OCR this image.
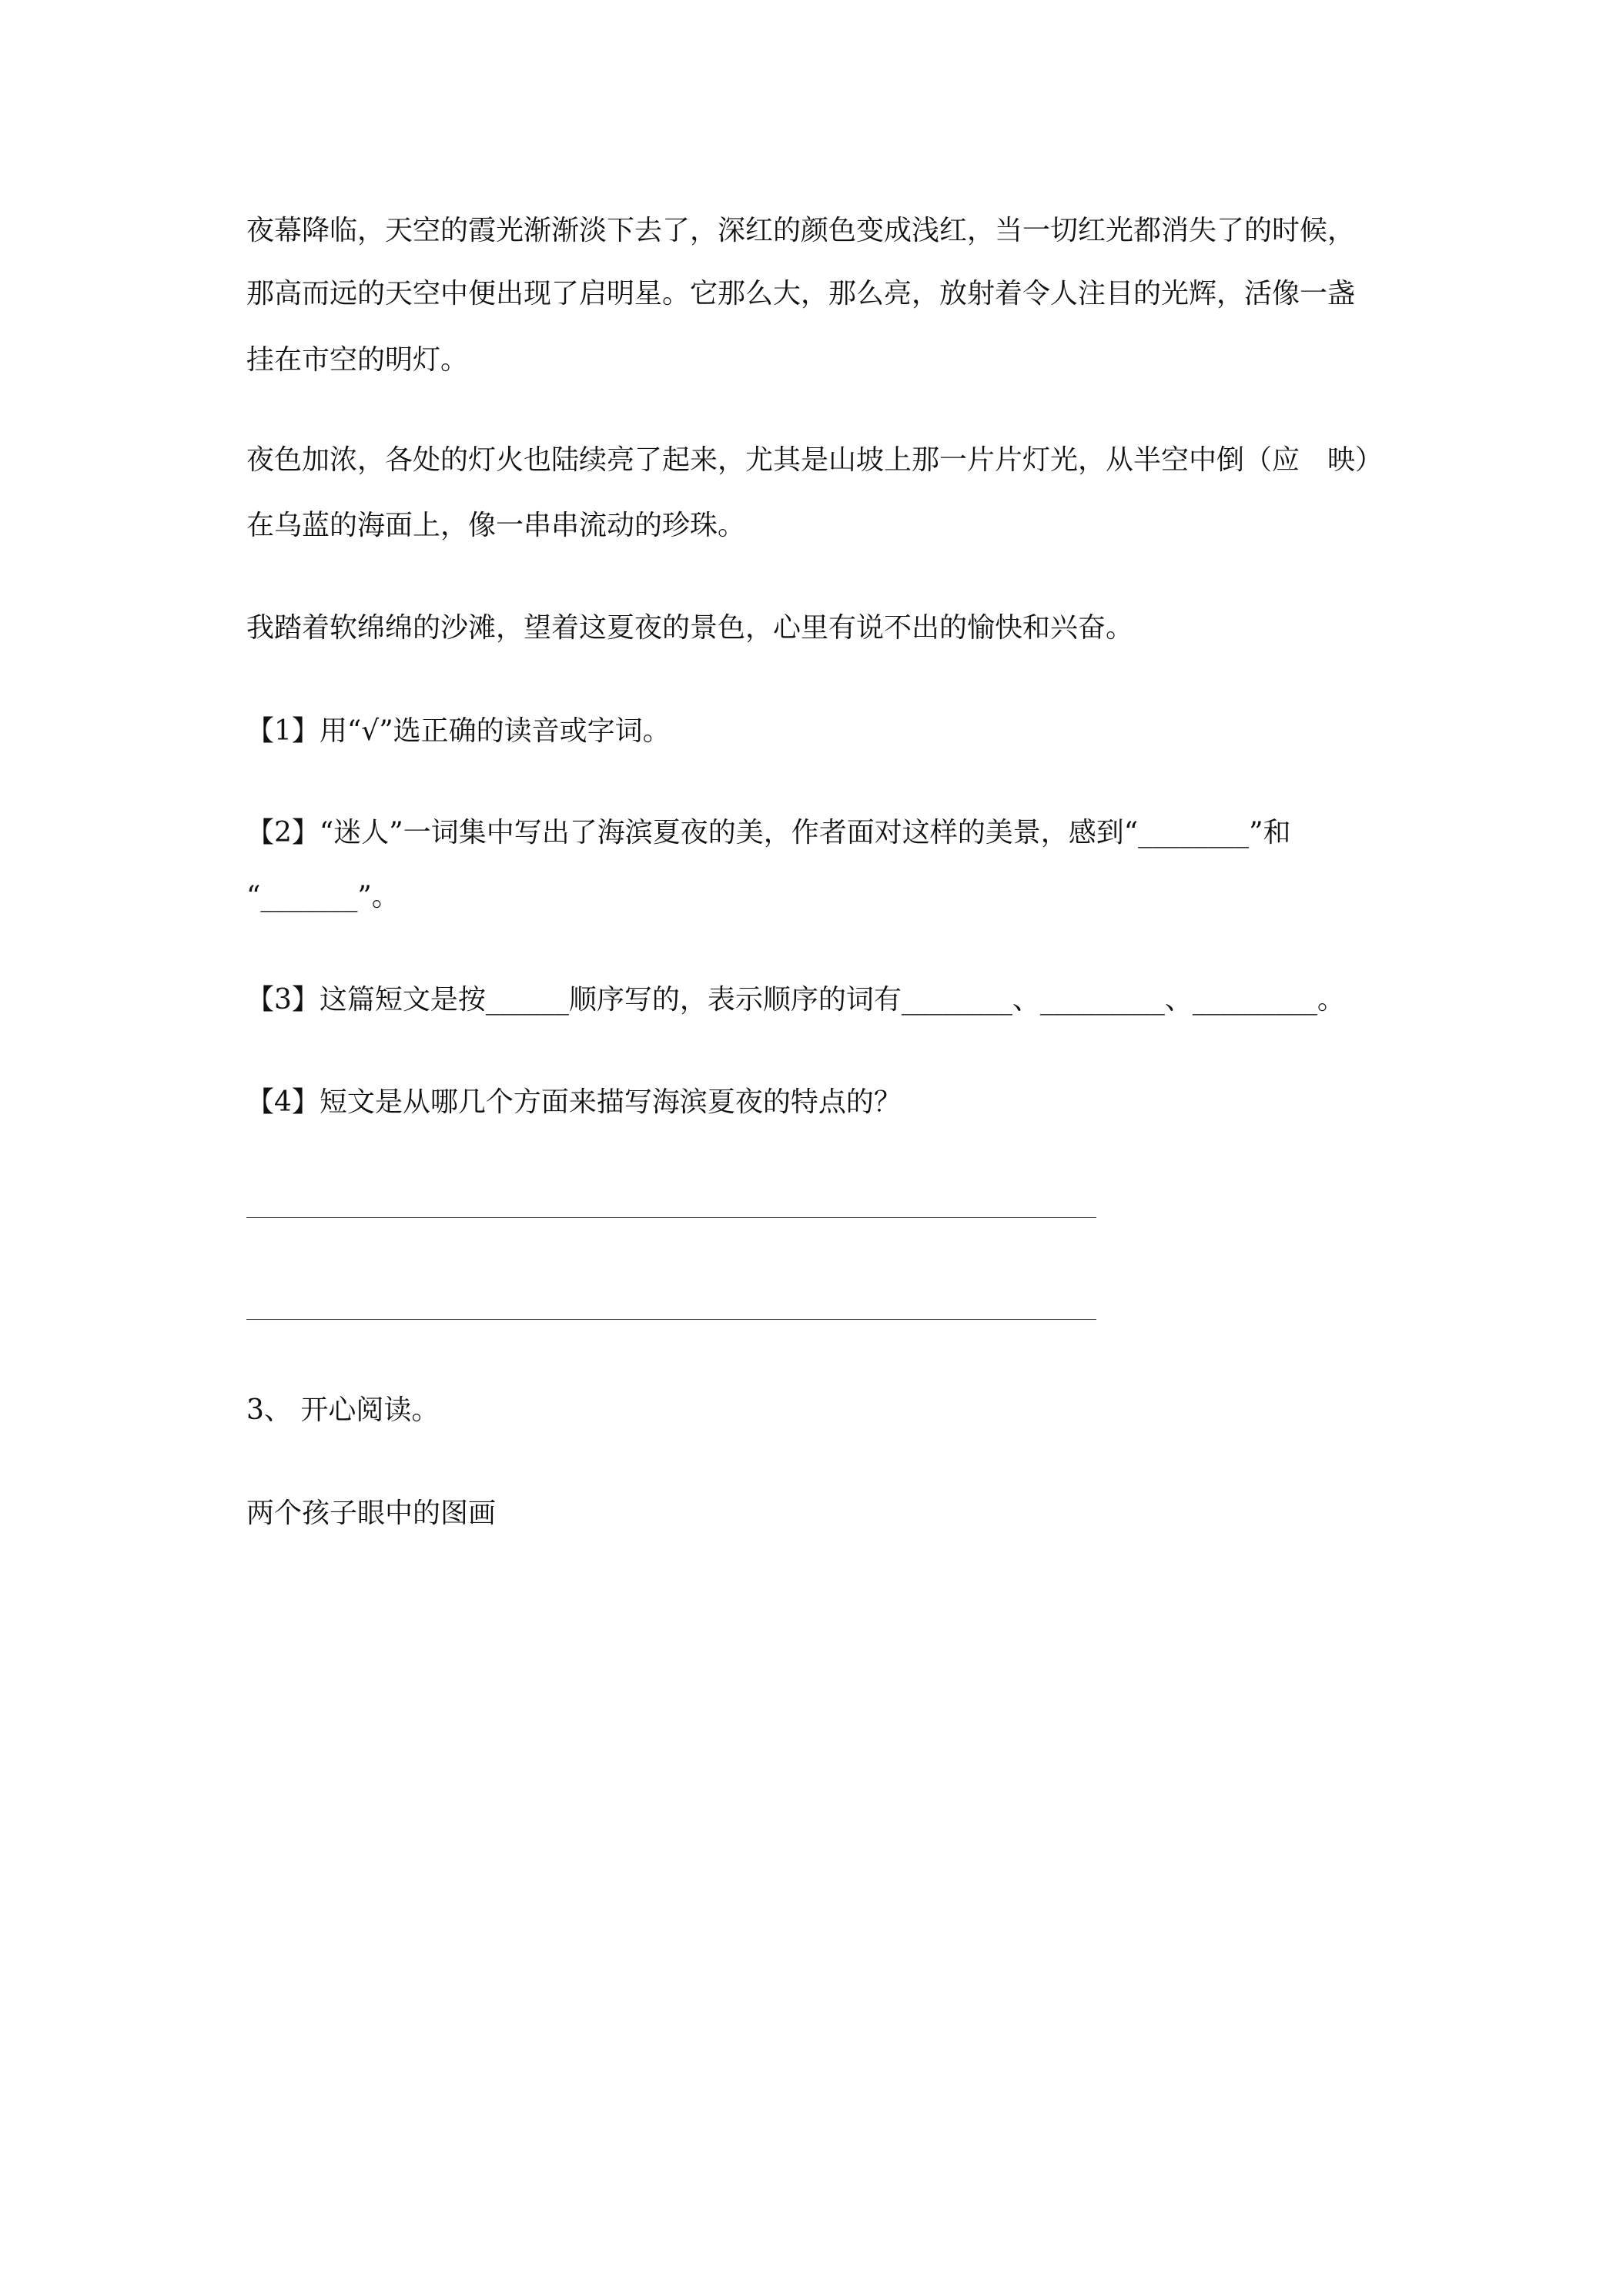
夜幕降临，天空的霞光渐渐淡下去了，深红的颜色变成浅红，当一切红光都消失了的时候，
那高而远的天空中便出现了启明星。它那么大，那么亮，放射着令人注目的光辉，活像一盏
挂在市空的明灯。
夜色加浓，各处的灯火也陆续亮了起来，尤其是山坡上那一片片灯光，从半空中倒（应　映）
在乌蓝的海面上，像一串串流动的珍珠。
我踏着软绵绵的沙滩，望着这夏夜的景色，心里有说不出的愉快和兴奋。
【1】用“√”选正确的读音或字词。
【2】“迷人”一词集中写出了海滨夏夜的美，作者面对这样的美景，感到“________”和
“_______”。
【3】这篇短文是按______顺序写的，表示顺序的词有________、_________、_________。
【4】短文是从哪几个方面来描写海滨夏夜的特点的？
3、 开心阅读。
两个孩子眼中的图画
